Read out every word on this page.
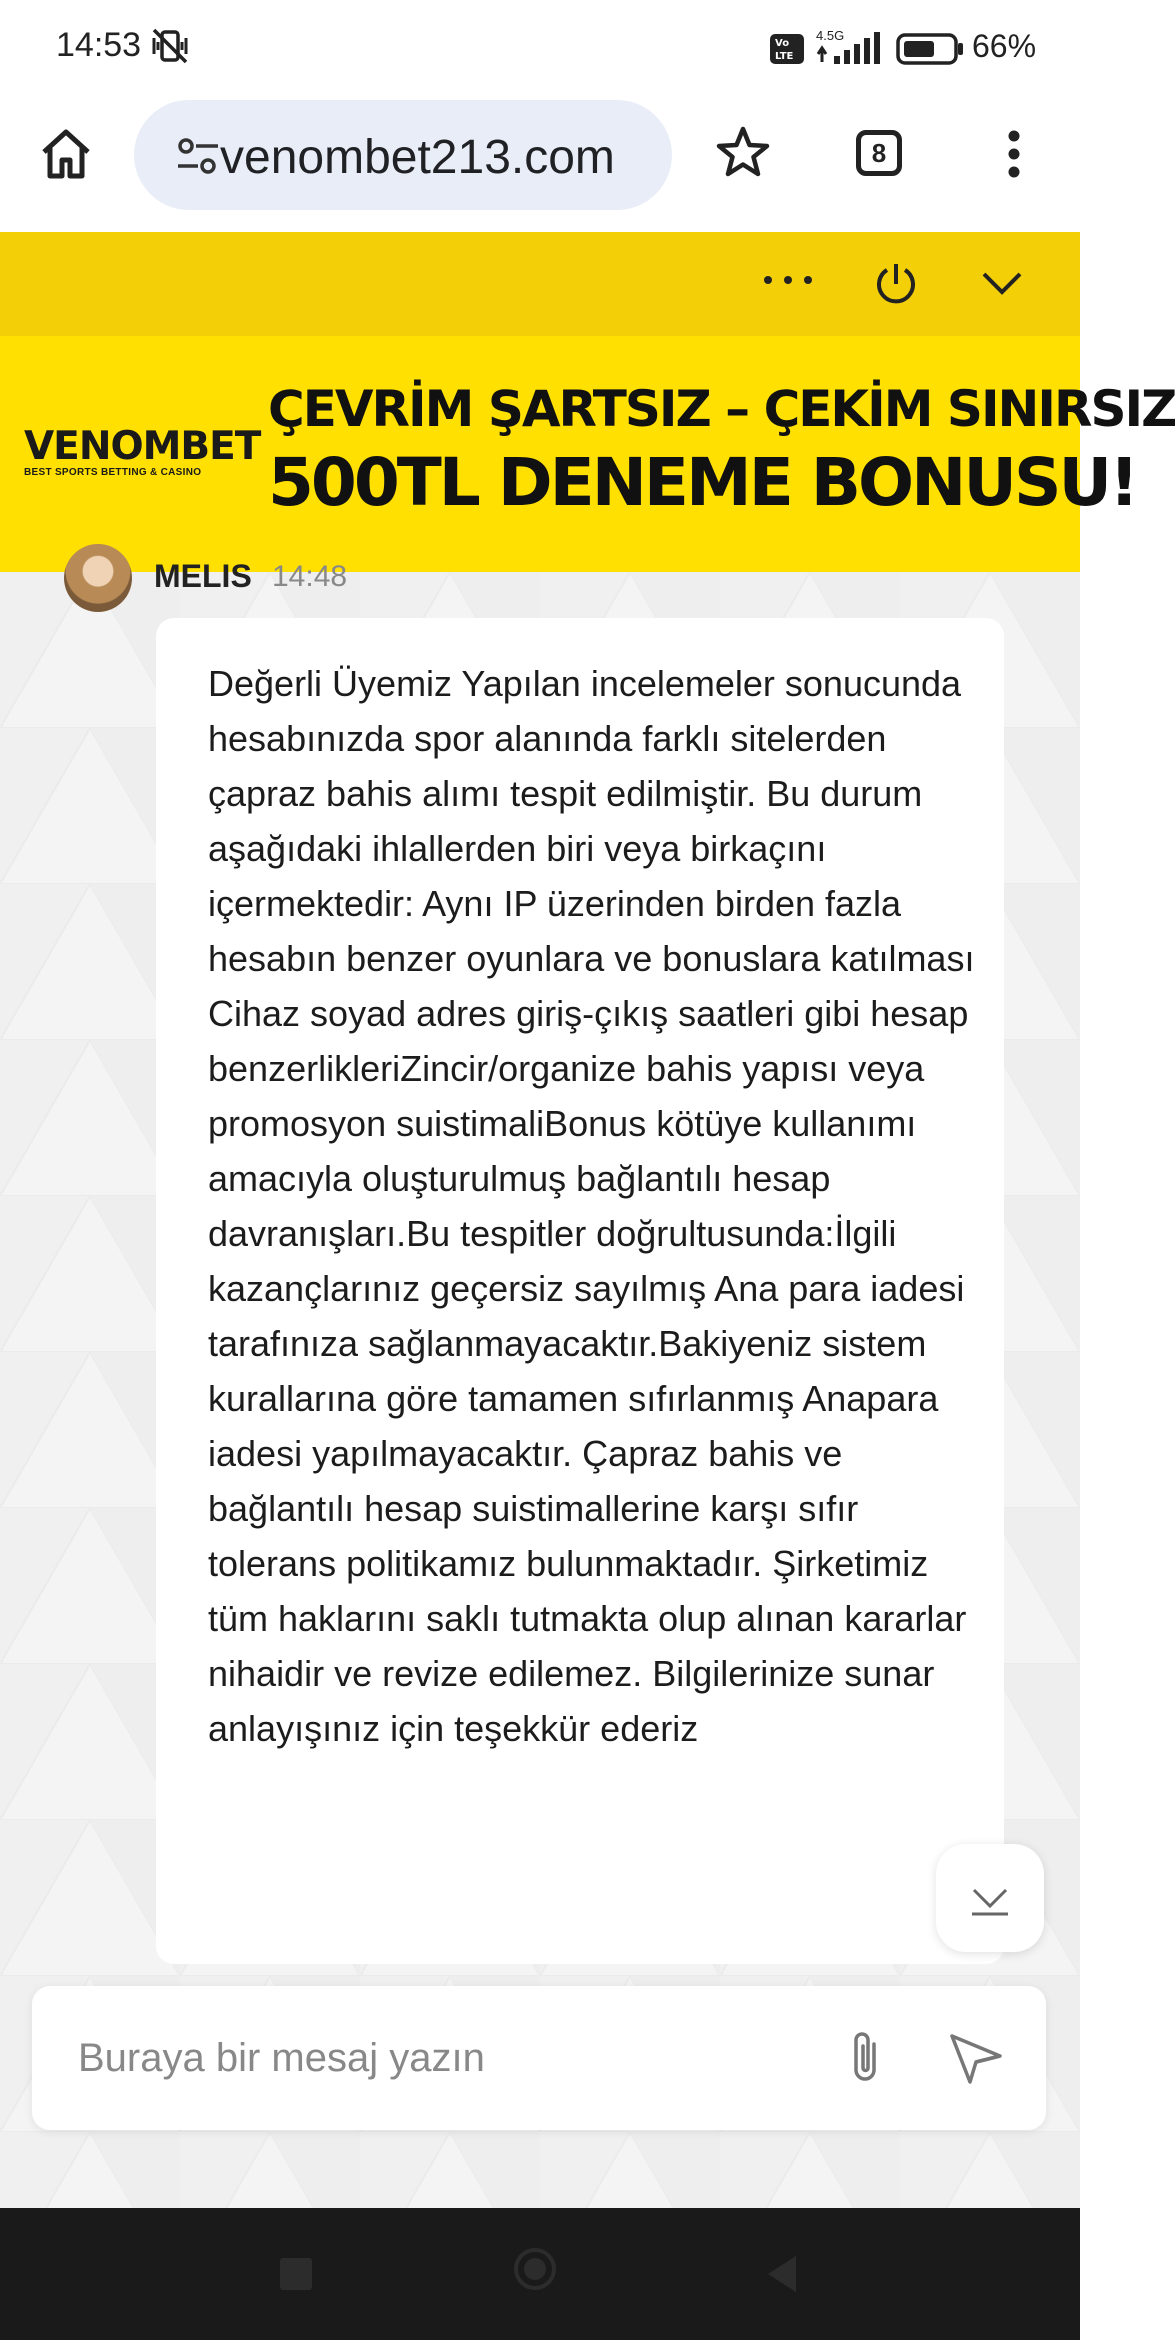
14:53	Vo
LTE
4.5G	66%
venombet213.com	8
VENOMBET
BEST SPORTS BETTING & CASINO
ÇEVRİM ŞARTSIZ – ÇEKİM SINIRSIZ
500TL DENEME BONUSU!
MELIS 14:48
Değerli Üyemiz Yapılan incelemeler sonucunda hesabınızda spor alanında farklı sitelerden çapraz bahis alımı tespit edilmiştir. Bu durum aşağıdaki ihlallerden biri veya birkaçını içermektedir: Aynı IP üzerinden birden fazla hesabın benzer oyunlara ve bonuslara katılması Cihaz soyad adres giriş-çıkış saatleri gibi hesap benzerlikleriZincir/organize bahis yapısı veya promosyon suistimaliBonus kötüye kullanımı amacıyla oluşturulmuş bağlantılı hesap davranışları.Bu tespitler doğrultusunda:İlgili kazançlarınız geçersiz sayılmış Ana para iadesi tarafınıza sağlanmayacaktır.Bakiyeniz sistem kurallarına göre tamamen sıfırlanmış Anapara iadesi yapılmayacaktır. Çapraz bahis ve bağlantılı hesap suistimallerine karşı sıfır tolerans politikamız bulunmaktadır. Şirketimiz tüm haklarını saklı tutmakta olup alınan kararlar nihaidir ve revize edilemez. Bilgilerinize sunar anlayışınız için teşekkür ederiz
Buraya bir mesaj yazın
